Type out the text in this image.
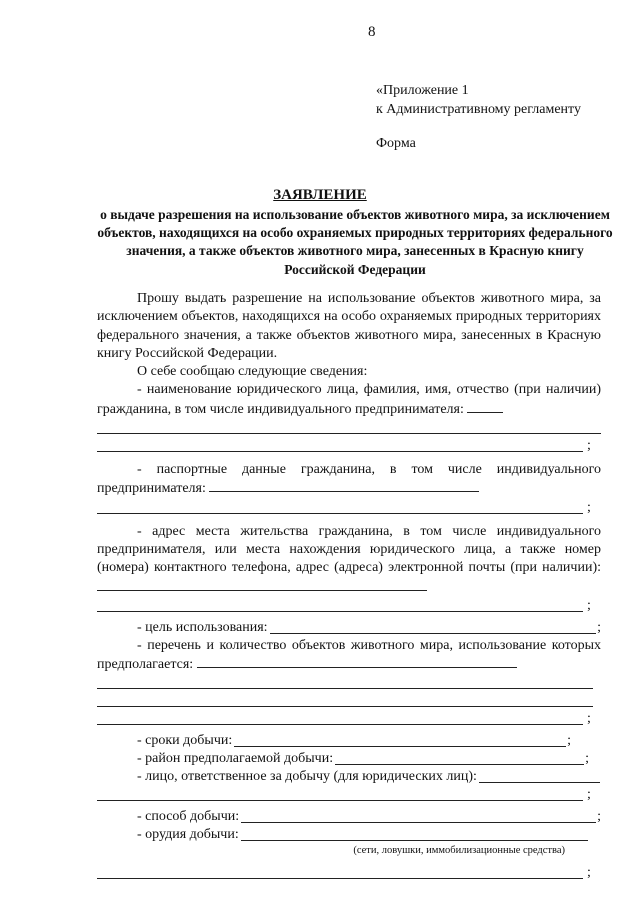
8
«Приложение 1
к Административному регламенту
Форма
ЗАЯВЛЕНИЕ
о выдаче разрешения на использование объектов животного мира, за исключением объектов, находящихся на особо охраняемых природных территориях федерального значения, а также объектов животного мира, занесенных в Красную книгу Российской Федерации

Прошу выдать разрешение на использование объектов животного мира, за исключением объектов, находящихся на особо охраняемых природных территориях федерального значения, а также объектов животного мира, занесенных в Красную книгу Российской Федерации.

О себе сообщаю следующие сведения:

- наименование юридического лица, фамилия, имя, отчество (при наличии) гражданина, в том числе индивидуального предпринимателя:

;

- паспортные данные гражданина, в том числе индивидуального предпринимателя:

;

- адрес места жительства гражданина, в том числе индивидуального предпринимателя, или места нахождения юридического лица, а также номер (номера) контактного телефона, адрес (адреса) электронной почты (при наличии):

;
- цель использования:	;

- перечень и количество объектов животного мира, использование которых предполагается:

;
- сроки добычи:	;
- район предполагаемой добычи:	;
- лицо, ответственное за добычу (для юридических лиц):
;
- способ добычи:	;
- орудия добычи:
(сети, ловушки, иммобилизационные средства)
;
